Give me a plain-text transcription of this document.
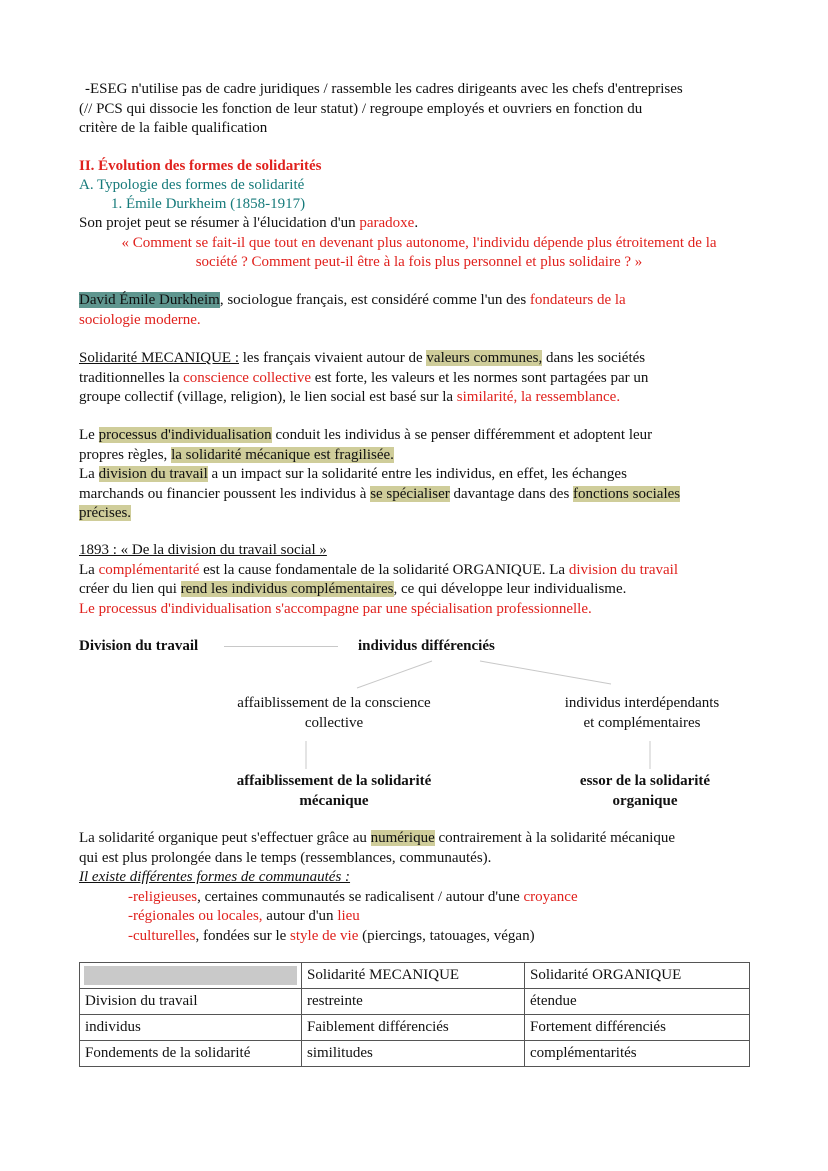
-ESEG n'utilise pas de cadre juridiques / rassemble les cadres dirigeants avec les chefs d'entreprises
(// PCS qui dissocie les fonction de leur statut) / regroupe employés et ouvriers en fonction du
critère de la faible qualification
II. Évolution des formes de solidarités
A. Typologie des formes de solidarité
1. Émile Durkheim (1858-1917)
Son projet peut se résumer à l'élucidation d'un paradoxe.
« Comment se fait-il que tout en devenant plus autonome, l'individu dépende plus étroitement de la
société ? Comment peut-il être à la fois plus personnel et plus solidaire ? »
David Émile Durkheim, sociologue français, est considéré comme l'un des fondateurs de la
sociologie moderne.
Solidarité MECANIQUE : les français vivaient autour de valeurs communes, dans les sociétés
traditionnelles la conscience collective est forte, les valeurs et les normes sont partagées par un
groupe collectif (village, religion), le lien social est basé sur la similarité, la ressemblance.
Le processus d'individualisation conduit les individus à se penser différemment et adoptent leur
propres règles, la solidarité mécanique est fragilisée.
La division du travail a un impact sur la solidarité entre les individus, en effet, les échanges
marchands ou financier poussent les individus à se spécialiser davantage dans des fonctions sociales
précises.
1893 : « De la division du travail social »
La complémentarité est la cause fondamentale de la solidarité ORGANIQUE. La division du travail
créer du lien qui rend les individus complémentaires, ce qui développe leur individualisme.
Le processus d'individualisation s'accompagne par une spécialisation professionnelle.
Division du travail	individus différenciés
affaiblissement de la conscience
collective
individus interdépendants
et complémentaires
affaiblissement de la solidarité
mécanique
essor de la solidarité
organique
La solidarité organique peut s'effectuer grâce au numérique contrairement à la solidarité mécanique
qui est plus prolongée dans le temps (ressemblances, communautés).
Il existe différentes formes de communautés :
-religieuses, certaines communautés se radicalisent / autour d'une croyance
-régionales ou locales, autour d'un lieu
-culturelles, fondées sur le style de vie (piercings, tatouages, végan)
	Solidarité MECANIQUE	Solidarité ORGANIQUE
Division du travail	restreinte	étendue
individus	Faiblement différenciés	Fortement différenciés
Fondements de la solidarité	similitudes	complémentarités
